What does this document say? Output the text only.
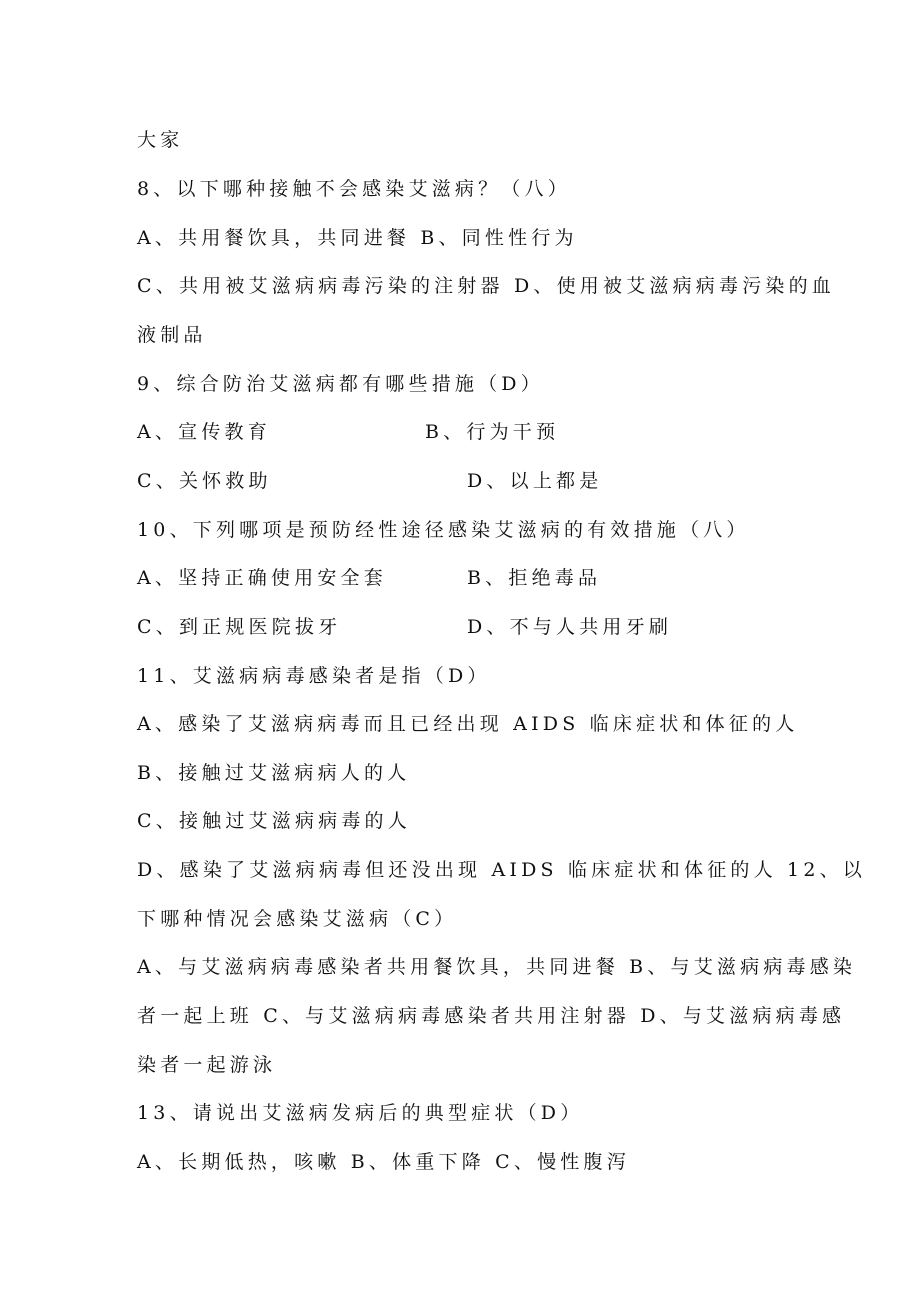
大家
8、以下哪种接触不会感染艾滋病？（八）
A、共用餐饮具，共同进餐 B、同性性行为
C、共用被艾滋病病毒污染的注射器 D、使用被艾滋病病毒污染的血
液制品
9、综合防治艾滋病都有哪些措施（D）
A、宣传教育	B、行为干预
C、关怀救助	D、以上都是
10、下列哪项是预防经性途径感染艾滋病的有效措施（八）
A、坚持正确使用安全套	B、拒绝毒品
C、到正规医院拔牙	D、不与人共用牙刷
11、艾滋病病毒感染者是指（D）
A、感染了艾滋病病毒而且已经出现 AIDS 临床症状和体征的人
B、接触过艾滋病病人的人
C、接触过艾滋病病毒的人
D、感染了艾滋病病毒但还没出现 AIDS 临床症状和体征的人 12、以
下哪种情况会感染艾滋病（C）
A、与艾滋病病毒感染者共用餐饮具，共同进餐 B、与艾滋病病毒感染
者一起上班 C、与艾滋病病毒感染者共用注射器 D、与艾滋病病毒感
染者一起游泳
13、请说出艾滋病发病后的典型症状（D）
A、长期低热，咳嗽 B、体重下降 C、慢性腹泻
